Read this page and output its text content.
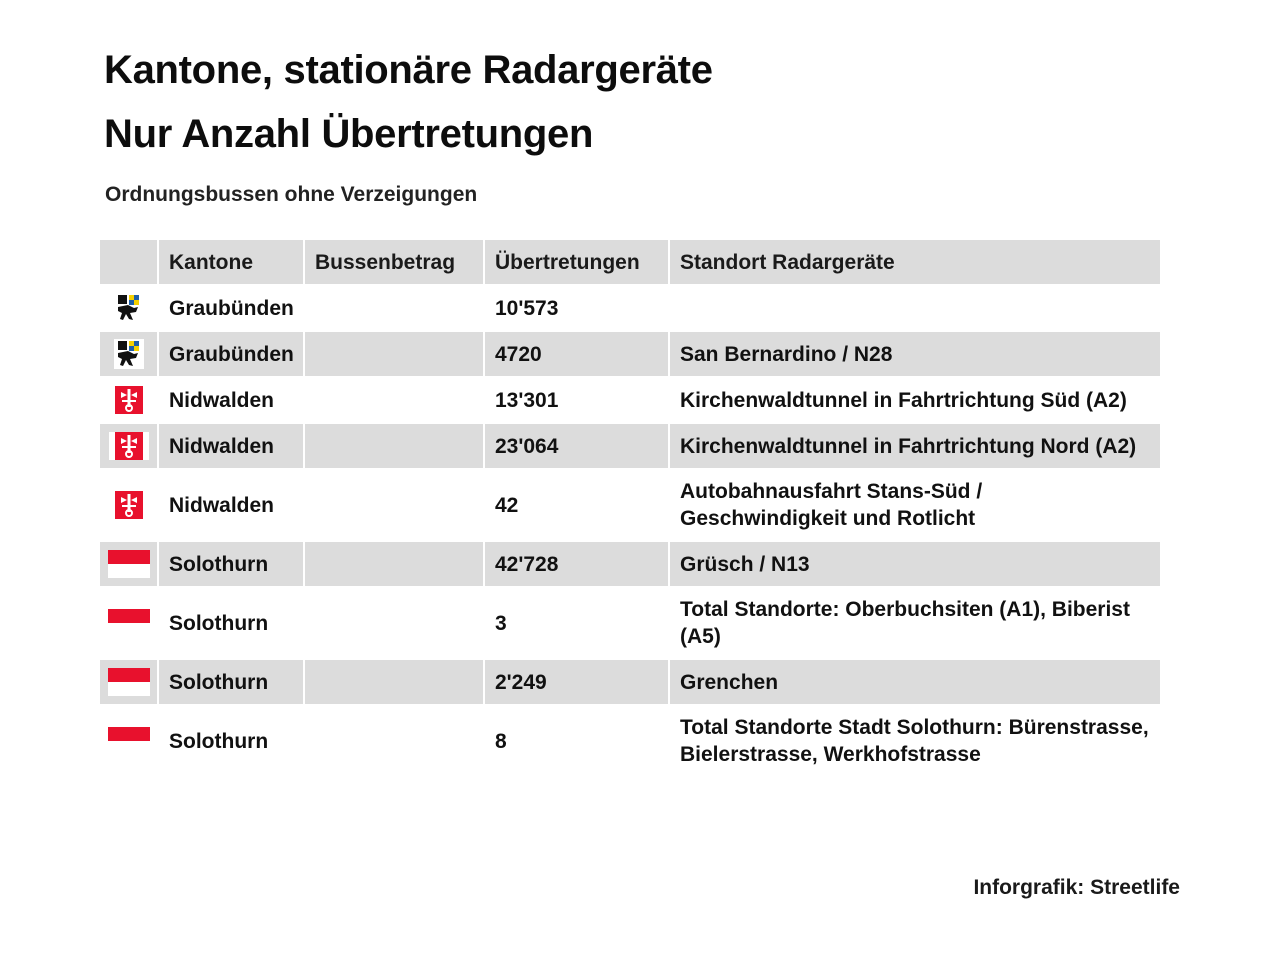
Kantone, stationäre Radargeräte
Nur Anzahl Übertretungen

Ordnungsbussen ohne Verzeigungen

	Kantone	Bussenbetrag	Übertretungen	Standort Radargeräte
	Graubünden		10'573	
	Graubünden		4720	San Bernardino / N28
	Nidwalden		13'301	Kirchenwaldtunnel in Fahrtrichtung Süd (A2)
	Nidwalden		23'064	Kirchenwaldtunnel in Fahrtrichtung Nord (A2)
	Nidwalden		42	Autobahnausfahrt Stans-Süd / Geschwindigkeit und Rotlicht
	Solothurn		42'728	Grüsch / N13
	Solothurn		3	Total Standorte: Oberbuchsiten (A1), Biberist (A5)
	Solothurn		2'249	Grenchen
	Solothurn		8	Total Standorte Stadt Solothurn: Bürenstrasse, Bielerstrasse, Werkhofstrasse
Inforgrafik: Streetlife
